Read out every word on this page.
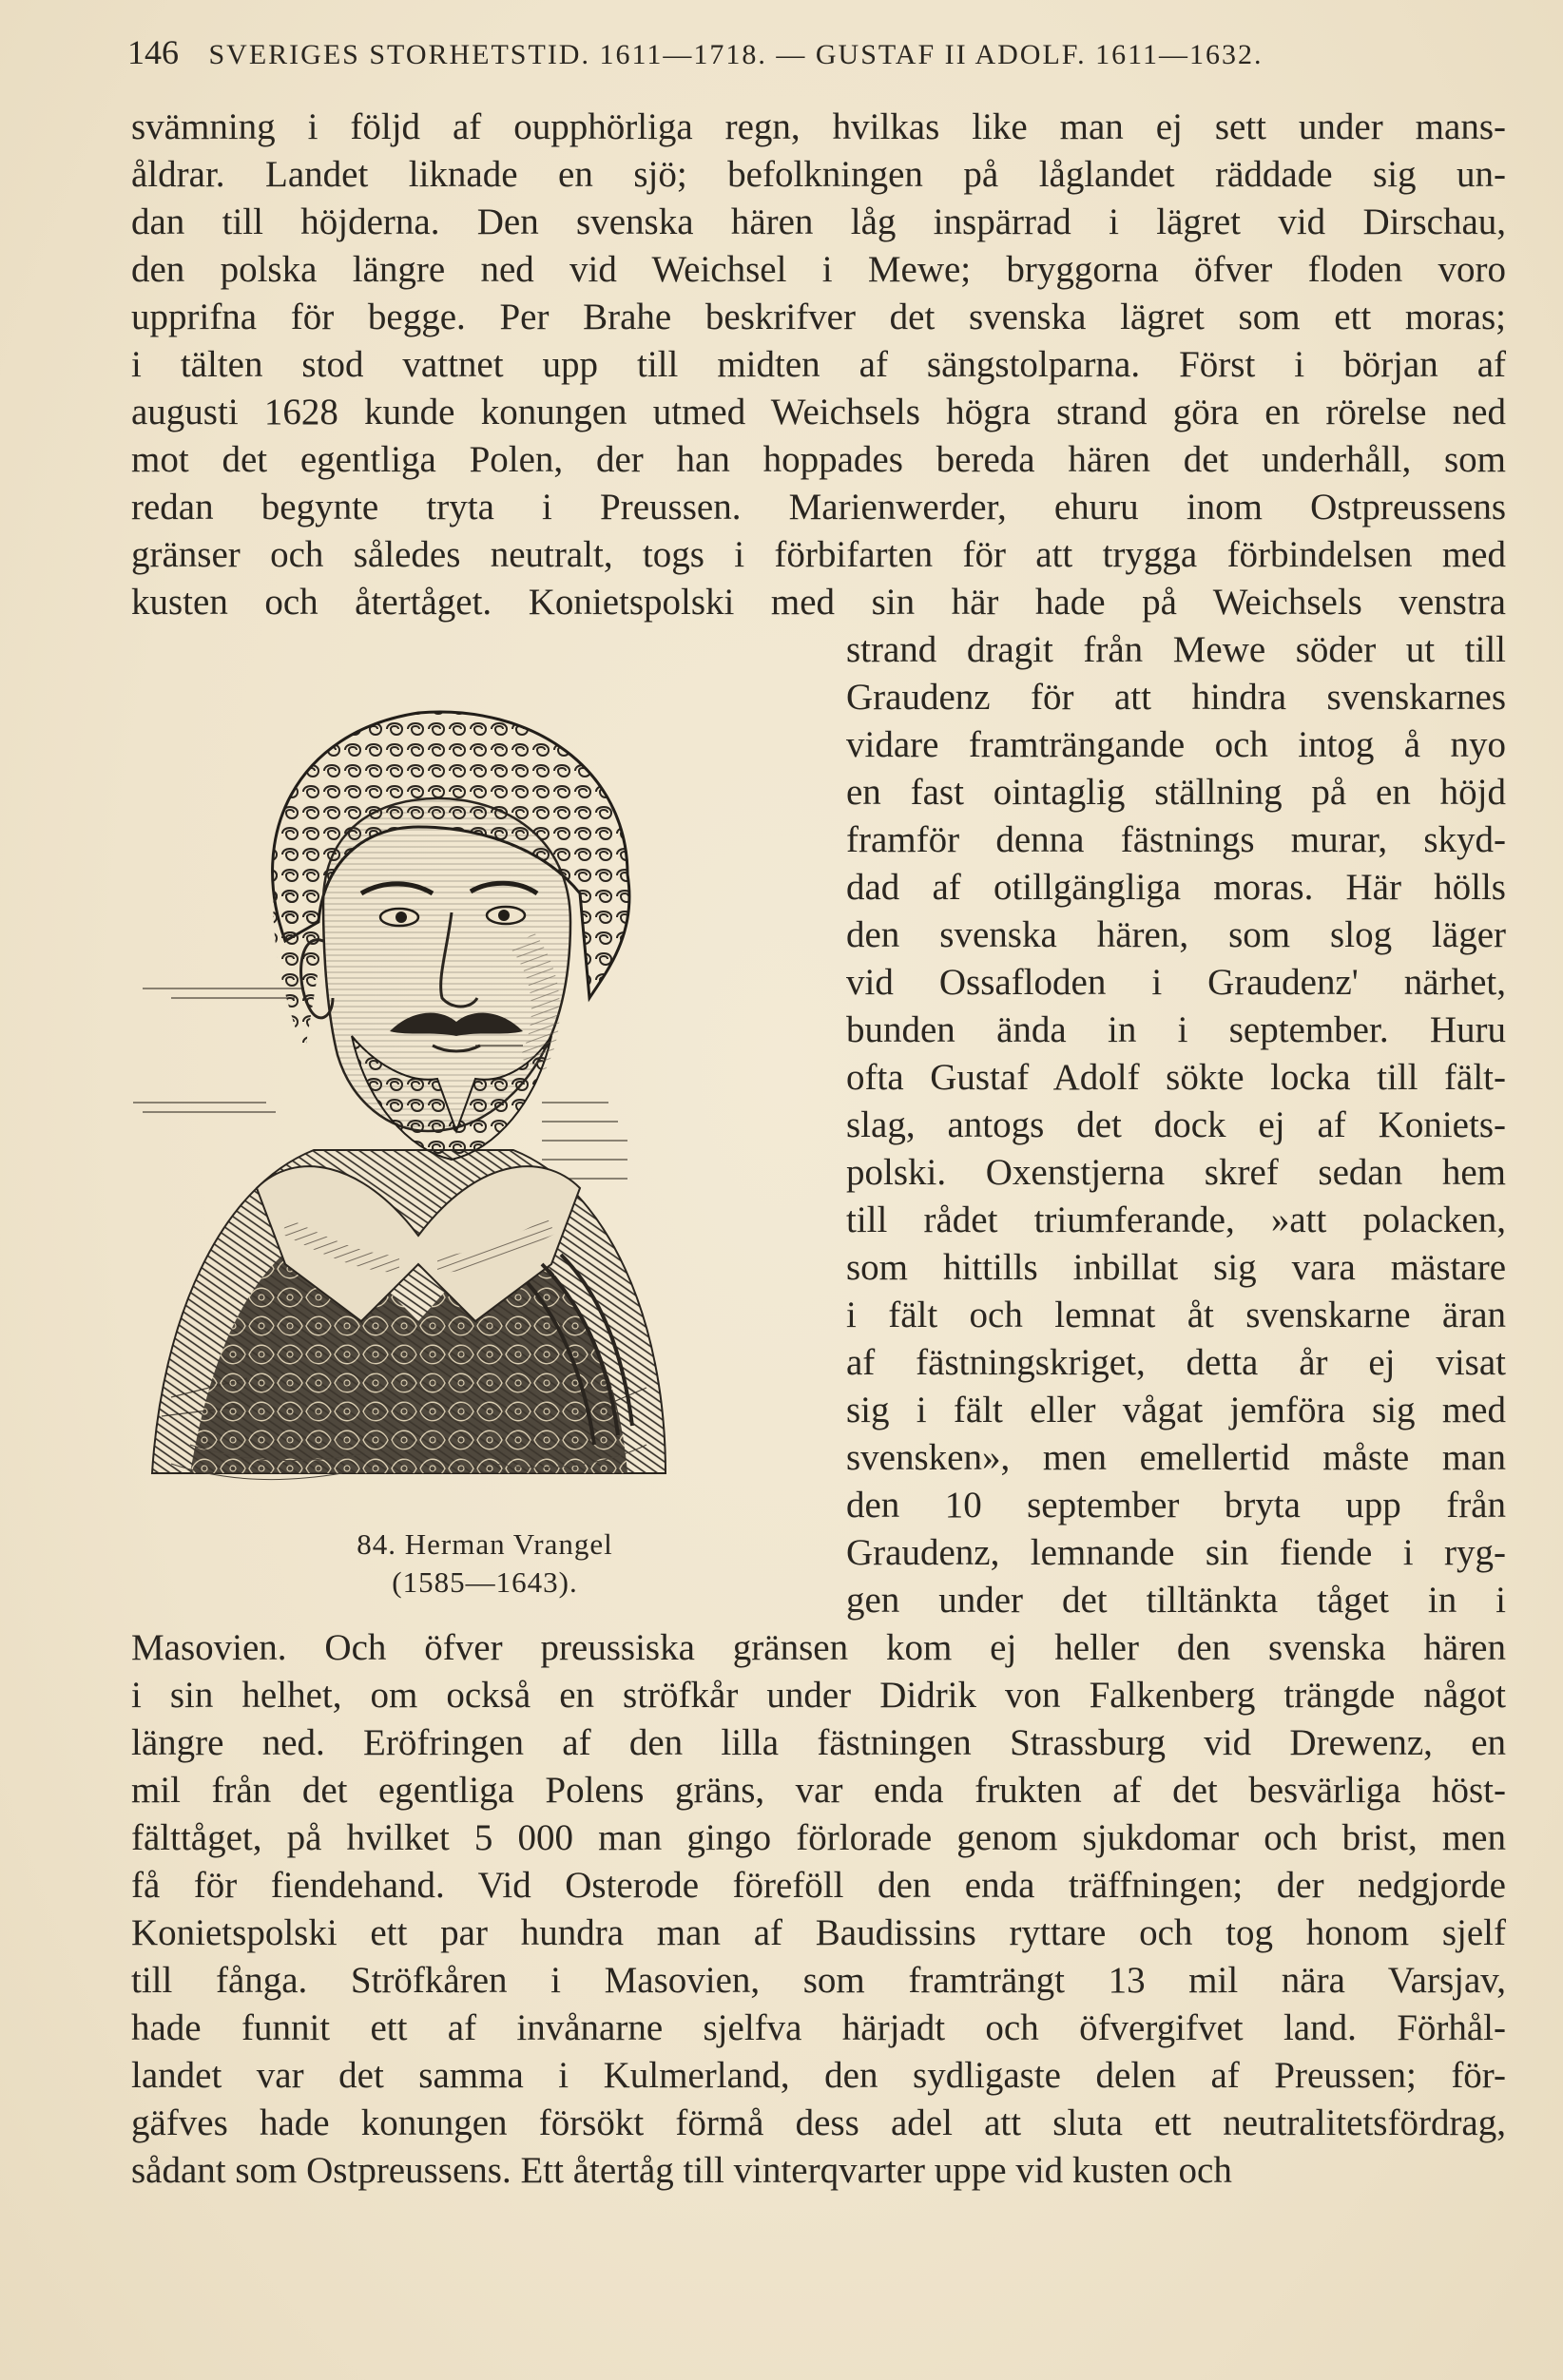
146 SVERIGES STORHETSTID. 1611—1718. — GUSTAF II ADOLF. 1611—1632.
svämning i följd af oupphörliga regn, hvilkas like man ej sett under mans-
åldrar. Landet liknade en sjö; befolkningen på låglandet räddade sig un-
dan till höjderna. Den svenska hären låg inspärrad i lägret vid Dirschau,
den polska längre ned vid Weichsel i Mewe; bryggorna öfver floden voro
upprifna för begge. Per Brahe beskrifver det svenska lägret som ett moras;
i tälten stod vattnet upp till midten af sängstolparna. Först i början af
augusti 1628 kunde konungen utmed Weichsels högra strand göra en rörelse ned
mot det egentliga Polen, der han hoppades bereda hären det underhåll, som
redan begynte tryta i Preussen. Marienwerder, ehuru inom Ostpreussens
gränser och således neutralt, togs i förbifarten för att trygga förbindelsen med
kusten och återtåget. Konietspolski med sin här hade på Weichsels venstra
strand dragit från Mewe söder ut till
Graudenz för att hindra svenskarnes
vidare framträngande och intog å nyo
en fast ointaglig ställning på en höjd
framför denna fästnings murar, skyd-
dad af otillgängliga moras. Här hölls
den svenska hären, som slog läger
vid Ossafloden i Graudenz' närhet,
bunden ända in i september. Huru
ofta Gustaf Adolf sökte locka till fält-
slag, antogs det dock ej af Koniets-
polski. Oxenstjerna skref sedan hem
till rådet triumferande, »att polacken,
som hittills inbillat sig vara mästare
i fält och lemnat åt svenskarne äran
af fästningskriget, detta år ej visat
sig i fält eller vågat jemföra sig med
svensken», men emellertid måste man
den 10 september bryta upp från
Graudenz, lemnande sin fiende i ryg-
gen under det tilltänkta tåget in i
Masovien. Och öfver preussiska gränsen kom ej heller den svenska hären
i sin helhet, om också en ströfkår under Didrik von Falkenberg trängde något
längre ned. Eröfringen af den lilla fästningen Strassburg vid Drewenz, en
mil från det egentliga Polens gräns, var enda frukten af det besvärliga höst-
fälttåget, på hvilket 5 000 man gingo förlorade genom sjukdomar och brist, men
få för fiendehand. Vid Osterode föreföll den enda träffningen; der nedgjorde
Konietspolski ett par hundra man af Baudissins ryttare och tog honom sjelf
till fånga. Ströfkåren i Masovien, som framträngt 13 mil nära Varsjav,
hade funnit ett af invånarne sjelfva härjadt och öfvergifvet land. Förhål-
landet var det samma i Kulmerland, den sydligaste delen af Preussen; för-
gäfves hade konungen försökt förmå dess adel att sluta ett neutralitetsfördrag,
sådant som Ostpreussens. Ett återtåg till vinterqvarter uppe vid kusten och
84. Herman Vrangel
(1585—1643).
